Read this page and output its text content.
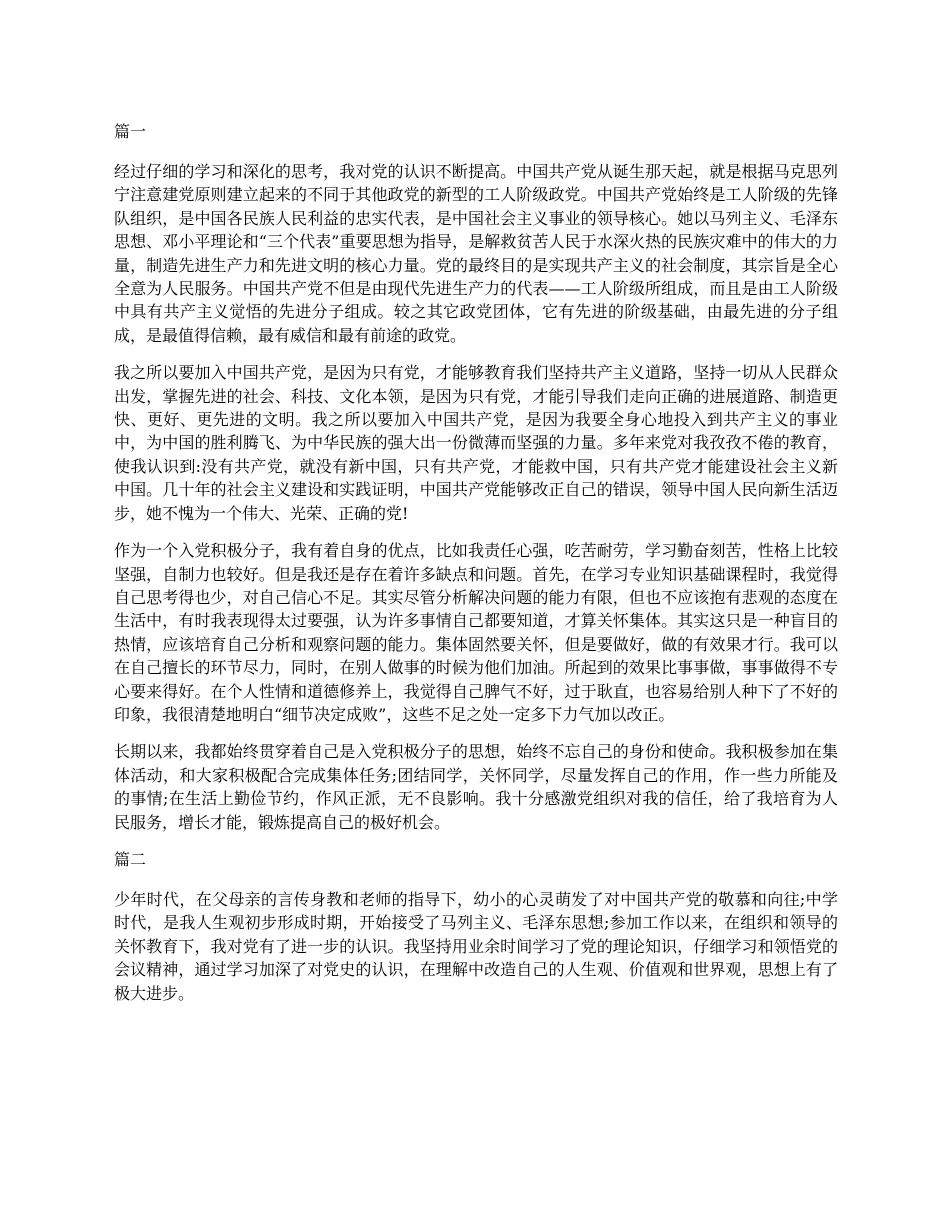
篇一

经过仔细的学习和深化的思考，我对党的认识不断提高。中国共产党从诞生那天起，就是根据马克思列宁注意建党原则建立起来的不同于其他政党的新型的工人阶级政党。中国共产党始终是工人阶级的先锋队组织，是中国各民族人民利益的忠实代表，是中国社会主义事业的领导核心。她以马列主义、毛泽东思想、邓小平理论和“三个代表”重要思想为指导，是解救贫苦人民于水深火热的民族灾难中的伟大的力量，制造先进生产力和先进文明的核心力量。党的最终目的是实现共产主义的社会制度，其宗旨是全心全意为人民服务。中国共产党不但是由现代先进生产力的代表——工人阶级所组成，而且是由工人阶级中具有共产主义觉悟的先进分子组成。较之其它政党团体，它有先进的阶级基础，由最先进的分子组成，是最值得信赖，最有威信和最有前途的政党。

我之所以要加入中国共产党，是因为只有党，才能够教育我们坚持共产主义道路，坚持一切从人民群众出发，掌握先进的社会、科技、文化本领，是因为只有党，才能引导我们走向正确的进展道路、制造更快、更好、更先进的文明。我之所以要加入中国共产党，是因为我要全身心地投入到共产主义的事业中，为中国的胜利腾飞、为中华民族的强大出一份微薄而坚强的力量。多年来党对我孜孜不倦的教育，使我认识到:没有共产党，就没有新中国，只有共产党，才能救中国，只有共产党才能建设社会主义新中国。几十年的社会主义建设和实践证明，中国共产党能够改正自己的错误，领导中国人民向新生活迈步，她不愧为一个伟大、光荣、正确的党!

作为一个入党积极分子，我有着自身的优点，比如我责任心强，吃苦耐劳，学习勤奋刻苦，性格上比较坚强，自制力也较好。但是我还是存在着许多缺点和问题。首先，在学习专业知识基础课程时，我觉得自己思考得也少，对自己信心不足。其实尽管分析解决问题的能力有限，但也不应该抱有悲观的态度在生活中，有时我表现得太过要强，认为许多事情自己都要知道，才算关怀集体。其实这只是一种盲目的热情，应该培育自己分析和观察问题的能力。集体固然要关怀，但是要做好，做的有效果才行。我可以在自己擅长的环节尽力，同时，在别人做事的时候为他们加油。所起到的效果比事事做，事事做得不专心要来得好。在个人性情和道德修养上，我觉得自己脾气不好，过于耿直，也容易给别人种下了不好的印象，我很清楚地明白“细节决定成败”，这些不足之处一定多下力气加以改正。

长期以来，我都始终贯穿着自己是入党积极分子的思想，始终不忘自己的身份和使命。我积极参加在集体活动，和大家积极配合完成集体任务;团结同学，关怀同学，尽量发挥自己的作用，作一些力所能及的事情;在生活上勤俭节约，作风正派，无不良影响。我十分感激党组织对我的信任，给了我培育为人民服务，增长才能，锻炼提高自己的极好机会。

篇二

少年时代，在父母亲的言传身教和老师的指导下，幼小的心灵萌发了对中国共产党的敬慕和向往;中学时代，是我人生观初步形成时期，开始接受了马列主义、毛泽东思想;参加工作以来，在组织和领导的关怀教育下，我对党有了进一步的认识。我坚持用业余时间学习了党的理论知识，仔细学习和领悟党的会议精神，通过学习加深了对党史的认识，在理解中改造自己的人生观、价值观和世界观，思想上有了极大进步。
